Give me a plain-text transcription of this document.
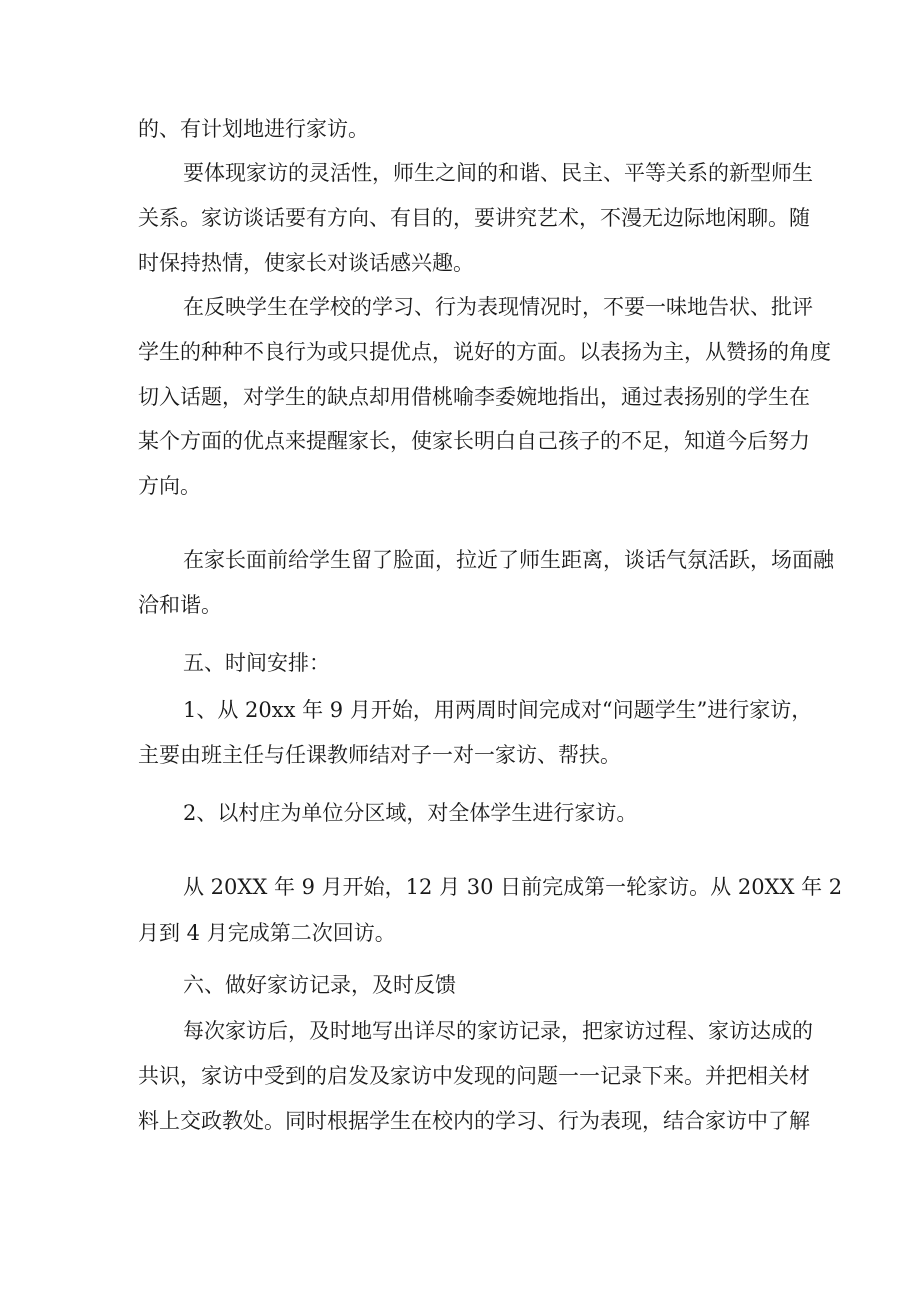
的、有计划地进行家访。
要体现家访的灵活性，师生之间的和谐、民主、平等关系的新型师生
关系。家访谈话要有方向、有目的，要讲究艺术，不漫无边际地闲聊。随
时保持热情，使家长对谈话感兴趣。
在反映学生在学校的学习、行为表现情况时，不要一味地告状、批评
学生的种种不良行为或只提优点，说好的方面。以表扬为主，从赞扬的角度
切入话题，对学生的缺点却用借桃喻李委婉地指出，通过表扬别的学生在
某个方面的优点来提醒家长，使家长明白自己孩子的不足，知道今后努力
方向。
在家长面前给学生留了脸面，拉近了师生距离，谈话气氛活跃，场面融
洽和谐。
五、时间安排：
1、从 20xx 年 9 月开始，用两周时间完成对“问题学生”进行家访，
主要由班主任与任课教师结对子一对一家访、帮扶。
2、以村庄为单位分区域，对全体学生进行家访。
从 20XX 年 9 月开始，12 月 30 日前完成第一轮家访。从 20XX 年 2
月到 4 月完成第二次回访。
六、做好家访记录，及时反馈
每次家访后，及时地写出详尽的家访记录，把家访过程、家访达成的
共识，家访中受到的启发及家访中发现的问题一一记录下来。并把相关材
料上交政教处。同时根据学生在校内的学习、行为表现，结合家访中了解
